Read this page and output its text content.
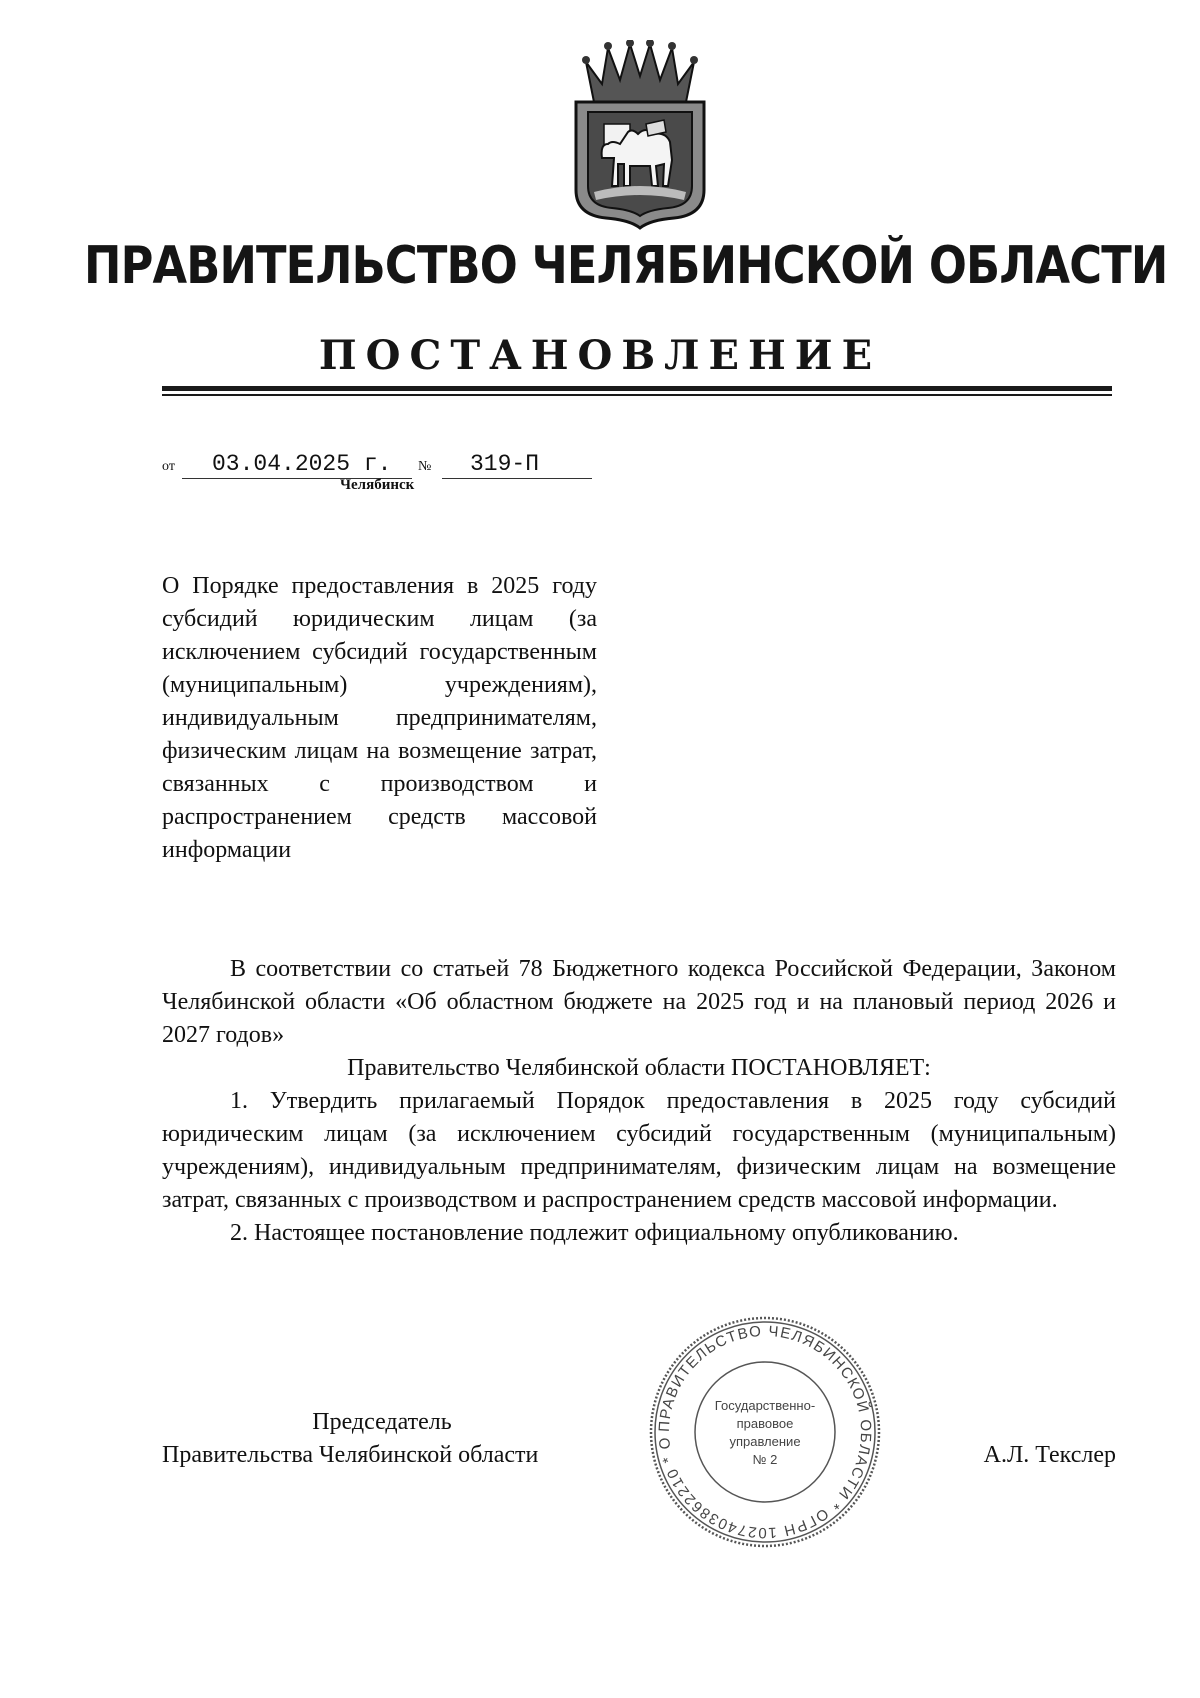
ПРАВИТЕЛЬСТВО ЧЕЛЯБИНСКОЙ ОБЛАСТИ
ПОСТАНОВЛЕНИЕ
от 03.04.2025 г. № 319-П
Челябинск
О Порядке предоставления в 2025 году субсидий юридическим лицам (за исключением субсидий государственным (муниципальным) учреждениям), индивидуальным предпринимателям, физическим лицам на возмещение затрат, связанных с производством и распространением средств массовой информации

В соответствии со статьей 78 Бюджетного кодекса Российской Федерации, Законом Челябинской области «Об областном бюджете на 2025 год и на плановый период 2026 и 2027 годов»

Правительство Челябинской области ПОСТАНОВЛЯЕТ:

1. Утвердить прилагаемый Порядок предоставления в 2025 году субсидий юридическим лицам (за исключением субсидий государственным (муниципальным) учреждениям), индивидуальным предпринимателям, физическим лицам на возмещение затрат, связанных с производством и распространением средств массовой информации.

2. Настоящее постановление подлежит официальному опубликованию.

Председатель
Правительства Челябинской области	А.Л. Текслер
ПРАВИТЕЛЬСТВО ЧЕЛЯБИНСКОЙ ОБЛАСТИ * ОГРН 1027403862210 * О
Государственно-
правовое
управление
№ 2
